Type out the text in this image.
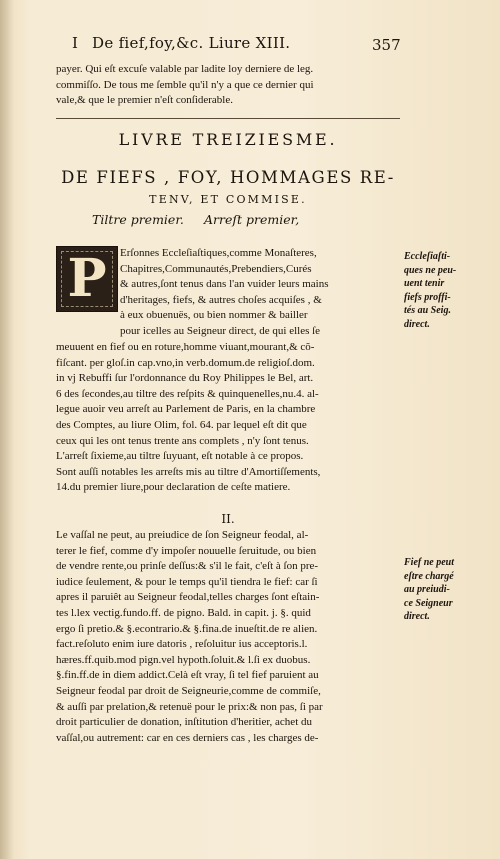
I De fief,foy,&c. Liure XIII.	357
payer. Qui eſt excuſe valable par ladite loy derniere de leg.
commiſſo. De tous me ſemble qu'il n'y a que ce dernier qui
vale,& que le premier n'eſt conſiderable.
LIVRE TREIZIESME.
DE FIEFS , FOY, HOMMAGES RE-
TENV, ET COMMISE.
Tiltre premier. Arreſt premier,
P	Erſonnes Eccleſiaſtiques,comme Monaſteres,
Chapitres,Communautés,Prebendiers,Curés
& autres,ſont tenus dans l'an vuider leurs mains
d'heritages, fiefs, & autres choſes acquiſes , &
à eux obuenuës, ou bien nommer & bailler
pour icelles au Seigneur direct, de qui elles ſe
meuuent en fief ou en roture,homme viuant,mourant,& cõ-
fiſcant. per gloſ.in cap.vno,in verb.domum.de religioſ.dom.
in vj Rebuffi ſur l'ordonnance du Roy Philippes le Bel, art.
6 des ſecondes,au tiltre des reſpits & quinquenelles,nu.4. al-
legue auoir veu arreſt au Parlement de Paris, en la chambre
des Comptes, au liure Olim, fol. 64. par lequel eſt dit que
ceux qui les ont tenus trente ans complets , n'y ſont tenus.
L'arreſt ſixieme,au tiltre ſuyuant, eſt notable à ce propos.
Sont auſſi notables les arreſts mis au tiltre d'Amortiſſements,
14.du premier liure,pour declaration de ceſte matiere.
II.
Le vaſſal ne peut, au preiudice de ſon Seigneur feodal, al-
terer le fief, comme d'y impoſer nouuelle ſeruitude, ou bien
de vendre rente,ou prinſe deſſus:& s'il le fait, c'eſt à ſon pre-
iudice ſeulement, & pour le temps qu'il tiendra le fief: car ſi
apres il paruiêt au Seigneur feodal,telles charges ſont eſtain-
tes l.lex vectig.fundo.ff. de pigno. Bald. in capit. j. §. quid
ergo ſi pretio.& §.econtrario.& §.fina.de inueſtit.de re alien.
fact.reſoluto enim iure datoris , reſoluitur ius acceptoris.l.
hæres.ff.quib.mod pign.vel hypoth.ſoluit.& l.ſi ex duobus.
§.fin.ff.de in diem addict.Celà eſt vray, ſi tel fief paruient au
Seigneur feodal par droit de Seigneurie,comme de commiſe,
& auſſi par prelation,& retenuë pour le prix:& non pas, ſi par
droit particulier de donation, inſtitution d'heritier, achet du
vaſſal,ou autrement: car en ces derniers cas , les charges de-
Eccleſiaſti-
ques ne peu-
uent tenir
fiefs proffi-
tés au Seig.
direct.
Fief ne peut
eſtre chargé
au preiudi-
ce Seigneur
direct.
